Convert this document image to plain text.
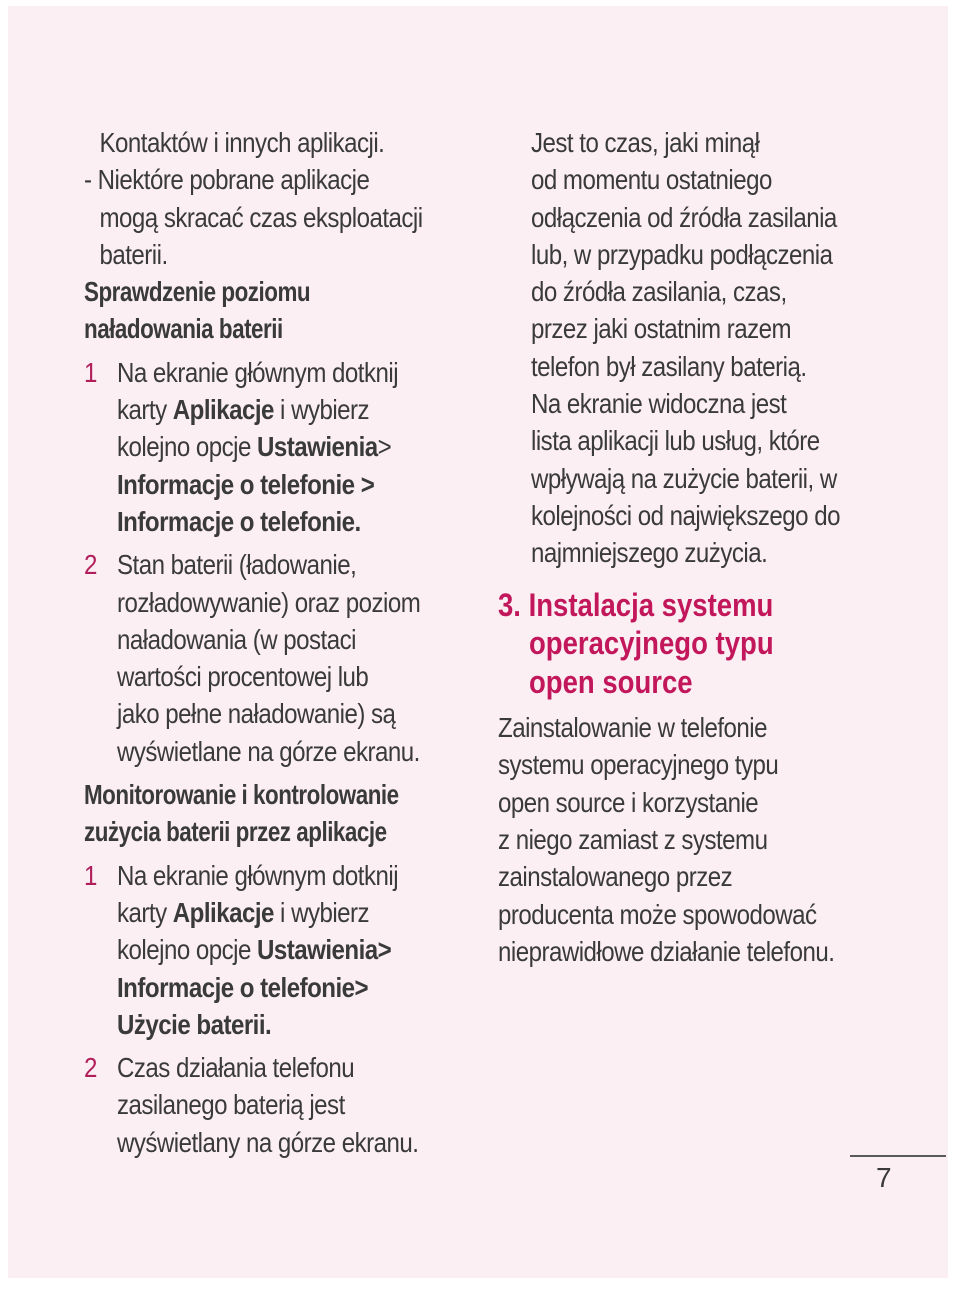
Kontaktów i innych aplikacji.
- Niektóre pobrane aplikacje
mogą skracać czas eksploatacji
baterii.
Sprawdzenie poziomu
naładowania baterii
1 Na ekranie głównym dotknij
karty Aplikacje i wybierz
kolejno opcje Ustawienia>
Informacje o telefonie >
Informacje o telefonie.
2 Stan baterii (ładowanie,
rozładowywanie) oraz poziom
naładowania (w postaci
wartości procentowej lub
jako pełne naładowanie) są
wyświetlane na górze ekranu.
Monitorowanie i kontrolowanie
zużycia baterii przez aplikacje
1 Na ekranie głównym dotknij
karty Aplikacje i wybierz
kolejno opcje Ustawienia>
Informacje o telefonie>
Użycie baterii.
2 Czas działania telefonu
zasilanego baterią jest
wyświetlany na górze ekranu.
Jest to czas, jaki minął
od momentu ostatniego
odłączenia od źródła zasilania
lub, w przypadku podłączenia
do źródła zasilania, czas,
przez jaki ostatnim razem
telefon był zasilany baterią.
Na ekranie widoczna jest
lista aplikacji lub usług, które
wpływają na zużycie baterii, w
kolejności od największego do
najmniejszego zużycia.
3. Instalacja systemu
operacyjnego typu
open source
Zainstalowanie w telefonie
systemu operacyjnego typu
open source i korzystanie
z niego zamiast z systemu
zainstalowanego przez
producenta może spowodować
nieprawidłowe działanie telefonu.
7
